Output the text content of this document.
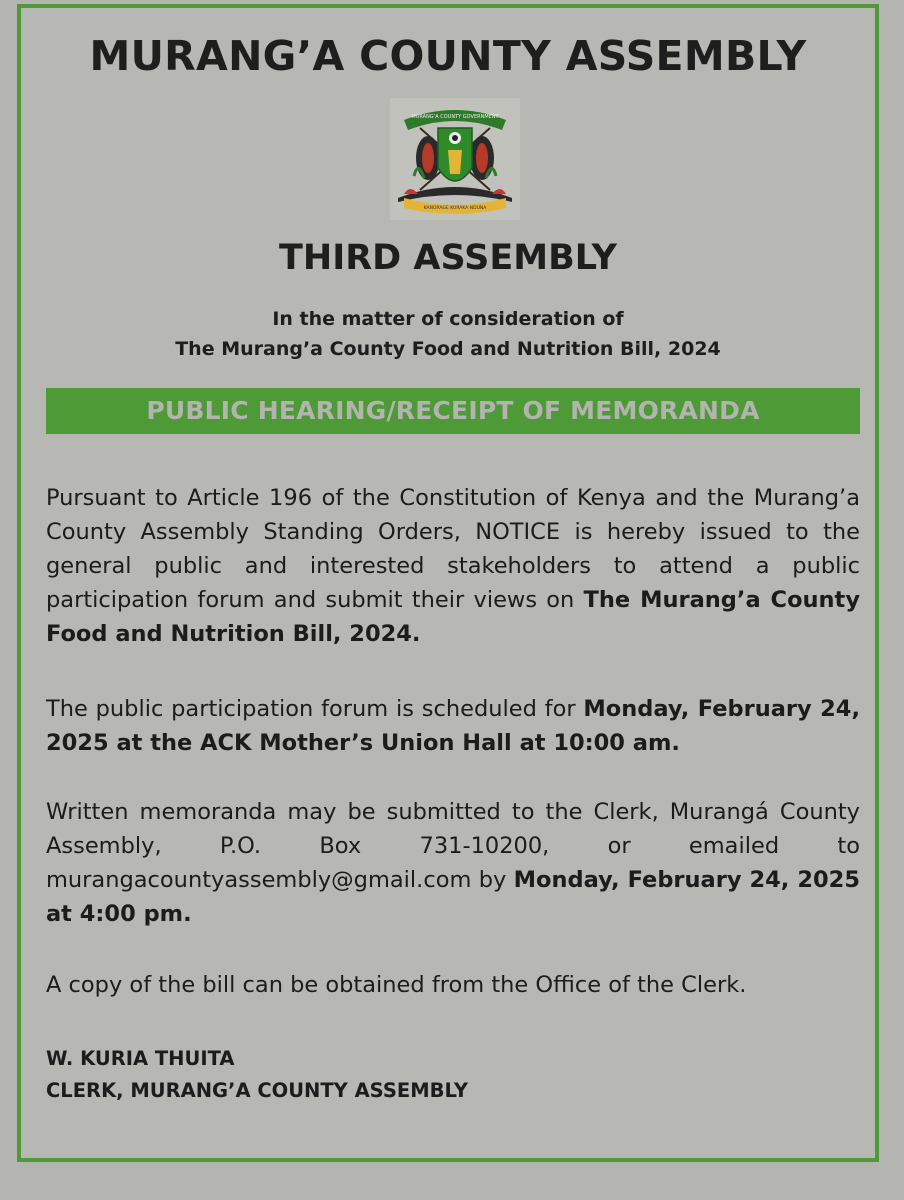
MURANG’A COUNTY ASSEMBLY
MURANG’A COUNTY GOVERNMENT
KANORAGE KURAKA NDUNA
THIRD ASSEMBLY
In the matter of consideration of
The Murang’a County Food and Nutrition Bill, 2024
PUBLIC HEARING/RECEIPT OF MEMORANDA
Pursuant to Article 196 of the Constitution of Kenya and the Murang’a County Assembly Standing Orders, NOTICE is hereby issued to the general public and interested stakeholders to attend a public participation forum and submit their views on The Murang’a County Food and Nutrition Bill, 2024.
The public participation forum is scheduled for Monday, February 24, 2025 at the ACK Mother’s Union Hall at 10:00 am.
Written memoranda may be submitted to the Clerk, Murangá County Assembly, P.O. Box 731-10200, or emailed to murangacountyassembly@gmail.com by Monday, February 24, 2025 at 4:00 pm.
A copy of the bill can be obtained from the Office of the Clerk.
W. KURIA THUITA
CLERK, MURANG’A COUNTY ASSEMBLY
